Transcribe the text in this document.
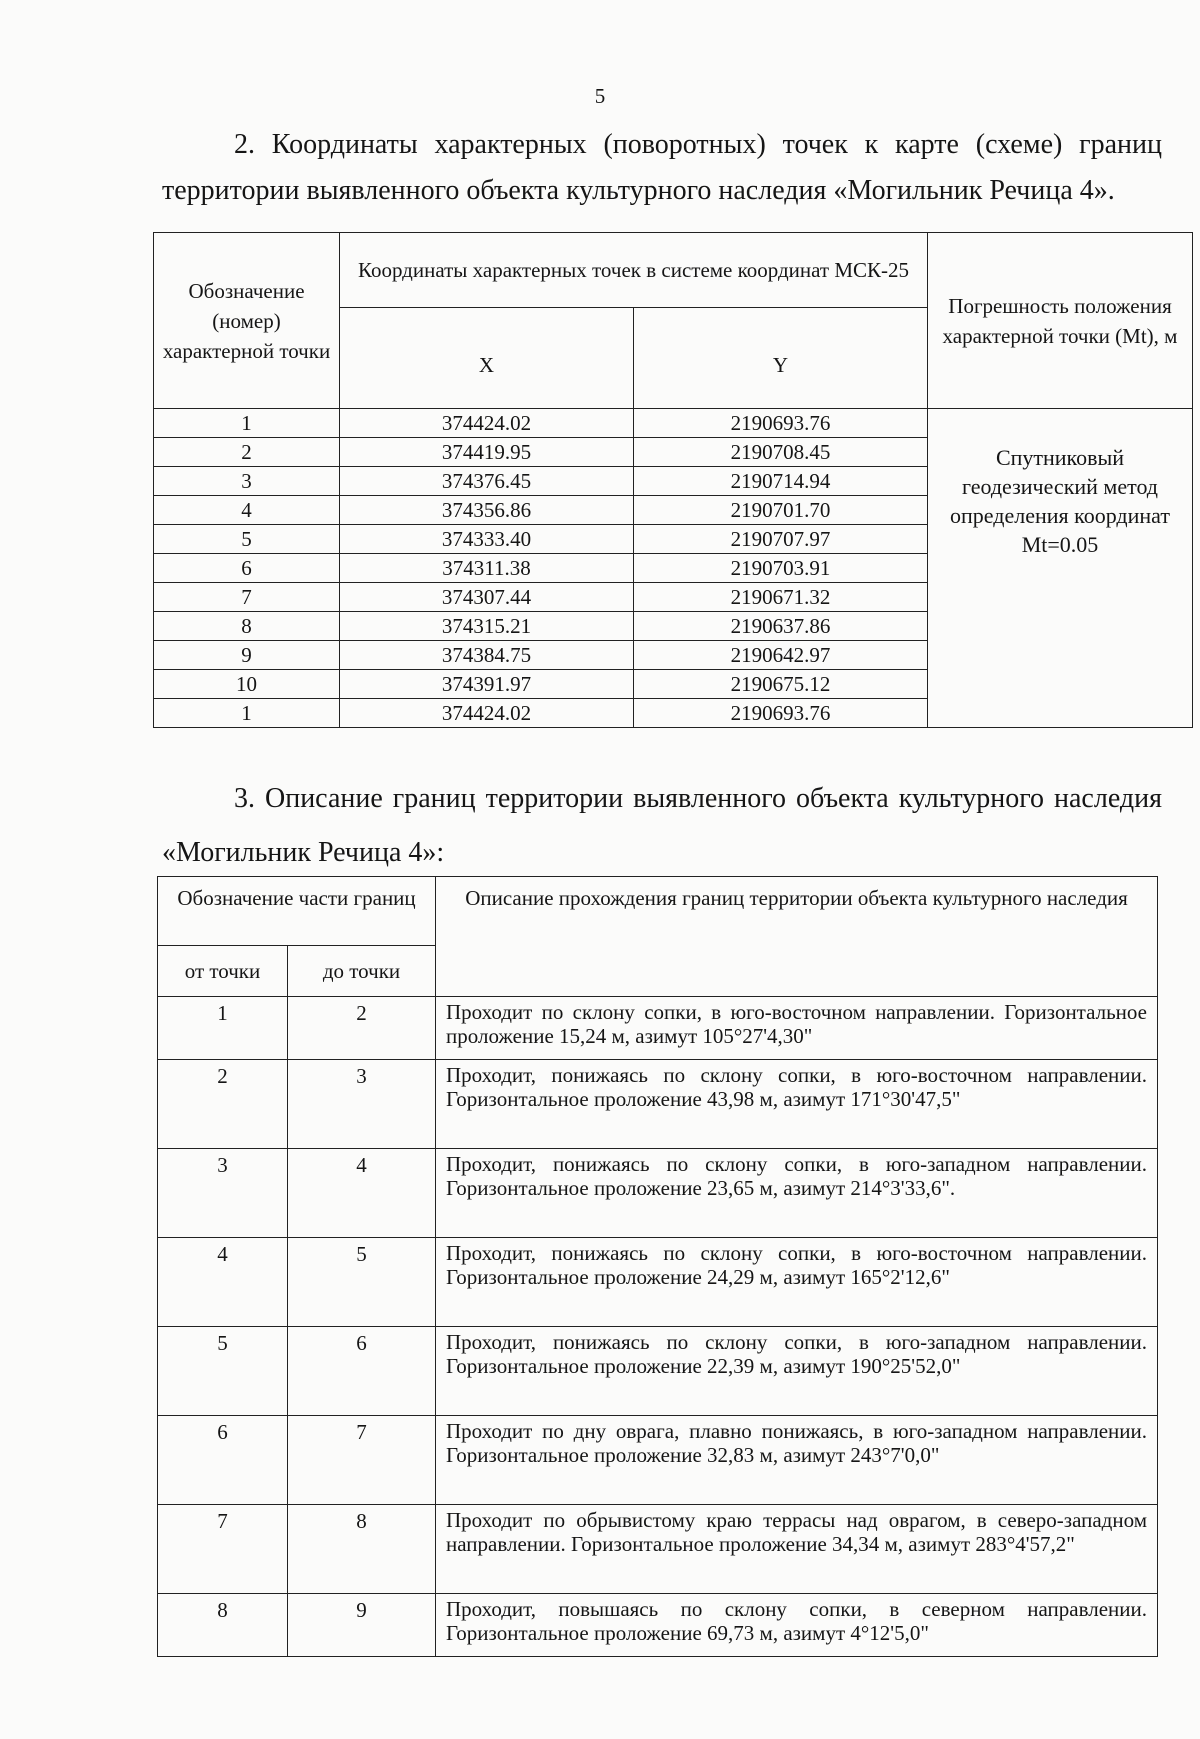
5
2. Координаты характерных (поворотных) точек к карте (схеме) границ территории выявленного объекта культурного наследия «Могильник Речица 4».
Обозначение (номер) характерной точки	Координаты характерных точек в системе координат МСК-25		Погрешность положения характерной точки (Mt), м
	X	Y	
1	374424.02	2190693.76	Спутниковый геодезический метод определения координат Mt=0.05
2	374419.95	2190708.45	
3	374376.45	2190714.94	
4	374356.86	2190701.70	
5	374333.40	2190707.97	
6	374311.38	2190703.91	
7	374307.44	2190671.32	
8	374315.21	2190637.86	
9	374384.75	2190642.97	
10	374391.97	2190675.12	
1	374424.02	2190693.76	
3. Описание границ территории выявленного объекта культурного наследия «Могильник Речица 4»:
Обозначение части границ		Описание прохождения границ территории объекта культурного наследия
от точки	до точки	
1	2	Проходит по склону сопки, в юго-восточном направлении. Горизонтальное проложение 15,24 м, азимут 105°27'4,30"
2	3	Проходит, понижаясь по склону сопки, в юго-восточном направлении. Горизонтальное проложение 43,98 м, азимут 171°30'47,5"
3	4	Проходит, понижаясь по склону сопки, в юго-западном направлении. Горизонтальное проложение 23,65 м, азимут 214°3'33,6".
4	5	Проходит, понижаясь по склону сопки, в юго-восточном направлении. Горизонтальное проложение 24,29 м, азимут 165°2'12,6"
5	6	Проходит, понижаясь по склону сопки, в юго-западном направлении. Горизонтальное проложение 22,39 м, азимут 190°25'52,0"
6	7	Проходит по дну оврага, плавно понижаясь, в юго-западном направлении. Горизонтальное проложение 32,83 м, азимут 243°7'0,0"
7	8	Проходит по обрывистому краю террасы над оврагом, в северо-западном направлении. Горизонтальное проложение 34,34 м, азимут 283°4'57,2"
8	9	Проходит, повышаясь по склону сопки, в северном направлении. Горизонтальное проложение 69,73 м, азимут 4°12'5,0"
